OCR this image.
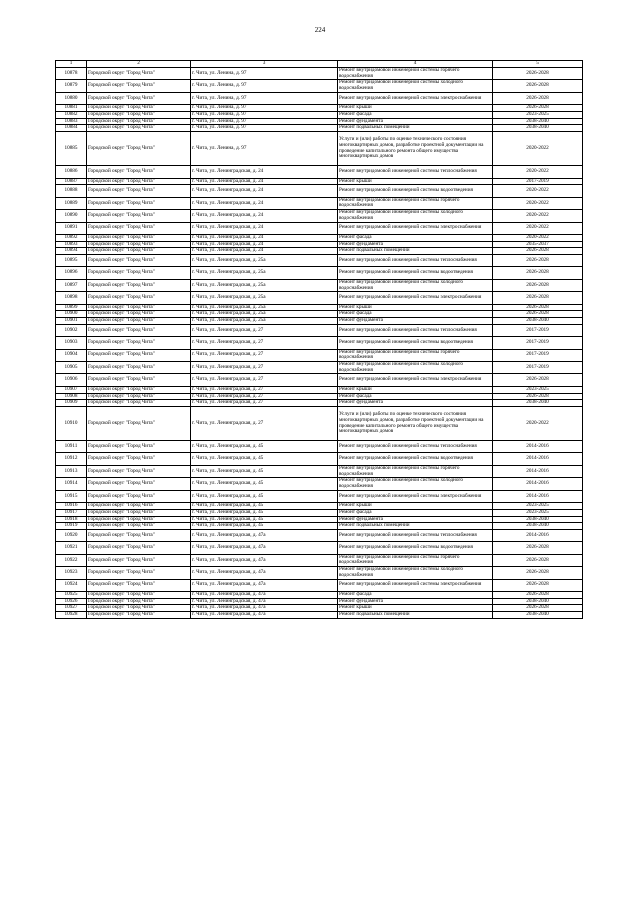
224
1	2	3	4	5
10878	Городской округ "Город Чита"	г. Чита, ул. Ленина, д. 97	Ремонт внутридомовой инженерной системы горячего водоснабжения	2026-2028
10879	Городской округ "Город Чита"	г. Чита, ул. Ленина, д. 97	Ремонт внутридомовой инженерной системы холодного водоснабжения	2026-2028
10880	Городской округ "Город Чита"	г. Чита, ул. Ленина, д. 97	Ремонт внутридомовой инженерной системы электроснабжения	2026-2028
10881	Городской округ "Город Чита"	г. Чита, ул. Ленина, д. 97	Ремонт крыши	2026-2028
10882	Городской округ "Город Чита"	г. Чита, ул. Ленина, д. 97	Ремонт фасада	2023-2025
10883	Городской округ "Город Чита"	г. Чита, ул. Ленина, д. 97	Ремонт фундамента	2038-2040
10884	Городской округ "Город Чита"	г. Чита, ул. Ленина, д. 97	Ремонт подвальных помещений	2038-2040
10885	Городской округ "Город Чита"	г. Чита, ул. Ленина, д. 97	Услуги и (или) работы по оценке технического состояния многоквартирных домов, разработке проектной документации на проведение капитального ремонта общего имущества многоквартирных домов	2020-2022
10886	Городской округ "Город Чита"	г. Чита, ул. Ленинградская, д. 24	Ремонт внутридомовой инженерной системы теплоснабжения	2020-2022
10887	Городской округ "Город Чита"	г. Чита, ул. Ленинградская, д. 24	Ремонт крыши	2017-2019
10888	Городской округ "Город Чита"	г. Чита, ул. Ленинградская, д. 24	Ремонт внутридомовой инженерной системы водоотведения	2020-2022
10889	Городской округ "Город Чита"	г. Чита, ул. Ленинградская, д. 24	Ремонт внутридомовой инженерной системы горячего водоснабжения	2020-2022
10890	Городской округ "Город Чита"	г. Чита, ул. Ленинградская, д. 24	Ремонт внутридомовой инженерной системы холодного водоснабжения	2020-2022
10891	Городской округ "Город Чита"	г. Чита, ул. Ленинградская, д. 24	Ремонт внутридомовой инженерной системы электроснабжения	2020-2022
10892	Городской округ "Город Чита"	г. Чита, ул. Ленинградская, д. 24	Ремонт фасада	2020-2022
10893	Городской округ "Город Чита"	г. Чита, ул. Ленинградская, д. 24	Ремонт фундамента	2035-2037
10894	Городской округ "Город Чита"	г. Чита, ул. Ленинградская, д. 24	Ремонт подвальных помещений	2026-2028
10895	Городской округ "Город Чита"	г. Чита, ул. Ленинградская, д. 25а	Ремонт внутридомовой инженерной системы теплоснабжения	2026-2028
10896	Городской округ "Город Чита"	г. Чита, ул. Ленинградская, д. 25а	Ремонт внутридомовой инженерной системы водоотведения	2026-2028
10897	Городской округ "Город Чита"	г. Чита, ул. Ленинградская, д. 25а	Ремонт внутридомовой инженерной системы холодного водоснабжения	2026-2028
10898	Городской округ "Город Чита"	г. Чита, ул. Ленинградская, д. 25а	Ремонт внутридомовой инженерной системы электроснабжения	2026-2028
10899	Городской округ "Город Чита"	г. Чита, ул. Ленинградская, д. 25а	Ремонт крыши	2026-2028
10900	Городской округ "Город Чита"	г. Чита, ул. Ленинградская, д. 25а	Ремонт фасада	2026-2028
10901	Городской округ "Город Чита"	г. Чита, ул. Ленинградская, д. 25а	Ремонт фундамента	2038-2040
10902	Городской округ "Город Чита"	г. Чита, ул. Ленинградская, д. 27	Ремонт внутридомовой инженерной системы теплоснабжения	2017-2019
10903	Городской округ "Город Чита"	г. Чита, ул. Ленинградская, д. 27	Ремонт внутридомовой инженерной системы водоотведения	2017-2019
10904	Городской округ "Город Чита"	г. Чита, ул. Ленинградская, д. 27	Ремонт внутридомовой инженерной системы горячего водоснабжения	2017-2019
10905	Городской округ "Город Чита"	г. Чита, ул. Ленинградская, д. 27	Ремонт внутридомовой инженерной системы холодного водоснабжения	2017-2019
10906	Городской округ "Город Чита"	г. Чита, ул. Ленинградская, д. 27	Ремонт внутридомовой инженерной системы электроснабжения	2026-2028
10907	Городской округ "Город Чита"	г. Чита, ул. Ленинградская, д. 27	Ремонт крыши	2023-2025
10908	Городской округ "Город Чита"	г. Чита, ул. Ленинградская, д. 27	Ремонт фасада	2026-2028
10909	Городской округ "Город Чита"	г. Чита, ул. Ленинградская, д. 27	Ремонт фундамента	2038-2040
10910	Городской округ "Город Чита"	г. Чита, ул. Ленинградская, д. 27	Услуги и (или) работы по оценке технического состояния многоквартирных домов, разработке проектной документации на проведение капитального ремонта общего имущества многоквартирных домов	2020-2022
10911	Городской округ "Город Чита"	г. Чита, ул. Ленинградская, д. 45	Ремонт внутридомовой инженерной системы теплоснабжения	2014-2016
10912	Городской округ "Город Чита"	г. Чита, ул. Ленинградская, д. 45	Ремонт внутридомовой инженерной системы водоотведения	2014-2016
10913	Городской округ "Город Чита"	г. Чита, ул. Ленинградская, д. 45	Ремонт внутридомовой инженерной системы горячего водоснабжения	2014-2016
10914	Городской округ "Город Чита"	г. Чита, ул. Ленинградская, д. 45	Ремонт внутридомовой инженерной системы холодного водоснабжения	2014-2016
10915	Городской округ "Город Чита"	г. Чита, ул. Ленинградская, д. 45	Ремонт внутридомовой инженерной системы электроснабжения	2014-2016
10916	Городской округ "Город Чита"	г. Чита, ул. Ленинградская, д. 45	Ремонт крыши	2023-2025
10917	Городской округ "Город Чита"	г. Чита, ул. Ленинградская, д. 45	Ремонт фасада	2023-2025
10918	Городской округ "Город Чита"	г. Чита, ул. Ленинградская, д. 45	Ремонт фундамента	2038-2040
10919	Городской округ "Город Чита"	г. Чита, ул. Ленинградская, д. 45	Ремонт подвальных помещений	2038-2040
10920	Городской округ "Город Чита"	г. Чита, ул. Ленинградская, д. 47а	Ремонт внутридомовой инженерной системы теплоснабжения	2014-2016
10921	Городской округ "Город Чита"	г. Чита, ул. Ленинградская, д. 47а	Ремонт внутридомовой инженерной системы водоотведения	2026-2028
10922	Городской округ "Город Чита"	г. Чита, ул. Ленинградская, д. 47а	Ремонт внутридомовой инженерной системы горячего водоснабжения	2026-2028
10923	Городской округ "Город Чита"	г. Чита, ул. Ленинградская, д. 47а	Ремонт внутридомовой инженерной системы холодного водоснабжения	2026-2028
10924	Городской округ "Город Чита"	г. Чита, ул. Ленинградская, д. 47а	Ремонт внутридомовой инженерной системы электроснабжения	2026-2028
10925	Городской округ "Город Чита"	г. Чита, ул. Ленинградская, д. 47а	Ремонт фасада	2026-2028
10926	Городской округ "Город Чита"	г. Чита, ул. Ленинградская, д. 47а	Ремонт фундамента	2038-2040
10927	Городской округ "Город Чита"	г. Чита, ул. Ленинградская, д. 47а	Ремонт крыши	2026-2028
10928	Городской округ "Город Чита"	г. Чита, ул. Ленинградская, д. 47а	Ремонт подвальных помещений	2038-2040
